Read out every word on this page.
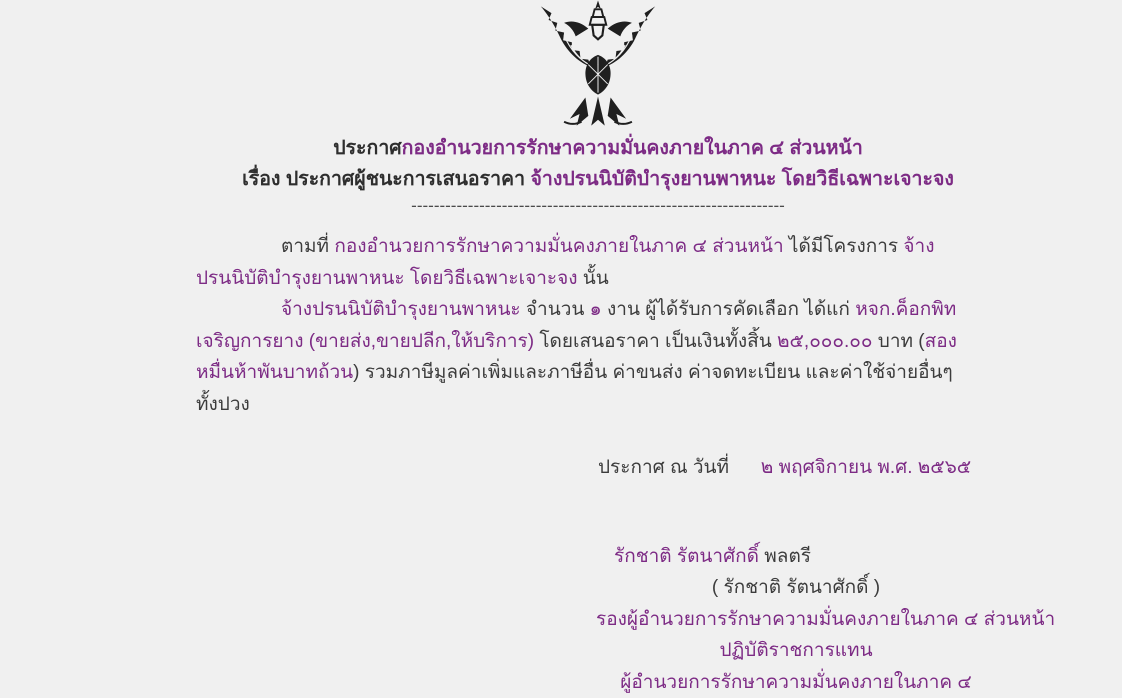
ประกาศกองอำนวยการรักษาความมั่นคงภายในภาค ๔ ส่วนหน้า
เรื่อง ประกาศผู้ชนะการเสนอราคา จ้างปรนนิบัติบำรุงยานพาหนะ โดยวิธีเฉพาะเจาะจง
------------------------------------------------------------------

ตามที่ กองอำนวยการรักษาความมั่นคงภายในภาค ๔ ส่วนหน้า ได้มีโครงการ จ้างปรนนิบัติบำรุงยานพาหนะ โดยวิธีเฉพาะเจาะจง นั้น

จ้างปรนนิบัติบำรุงยานพาหนะ จำนวน ๑ งาน ผู้ได้รับการคัดเลือก ได้แก่ หจก.ค็อกพิทเจริญการยาง (ขายส่ง,ขายปลีก,ให้บริการ) โดยเสนอราคา เป็นเงินทั้งสิ้น ๒๕,๐๐๐.๐๐ บาท (สองหมื่นห้าพันบาทถ้วน) รวมภาษีมูลค่าเพิ่มและภาษีอื่น ค่าขนส่ง ค่าจดทะเบียน และค่าใช้จ่ายอื่นๆ ทั้งปวง

ประกาศ ณ วันที่ ๒ พฤศจิกายน พ.ศ. ๒๕๖๕
รักชาติ รัตนาศักดิ์ พลตรี
( รักชาติ รัตนาศักดิ์ )
รองผู้อำนวยการรักษาความมั่นคงภายในภาค ๔ ส่วนหน้า
ปฏิบัติราชการแทน
ผู้อำนวยการรักษาความมั่นคงภายในภาค ๔
